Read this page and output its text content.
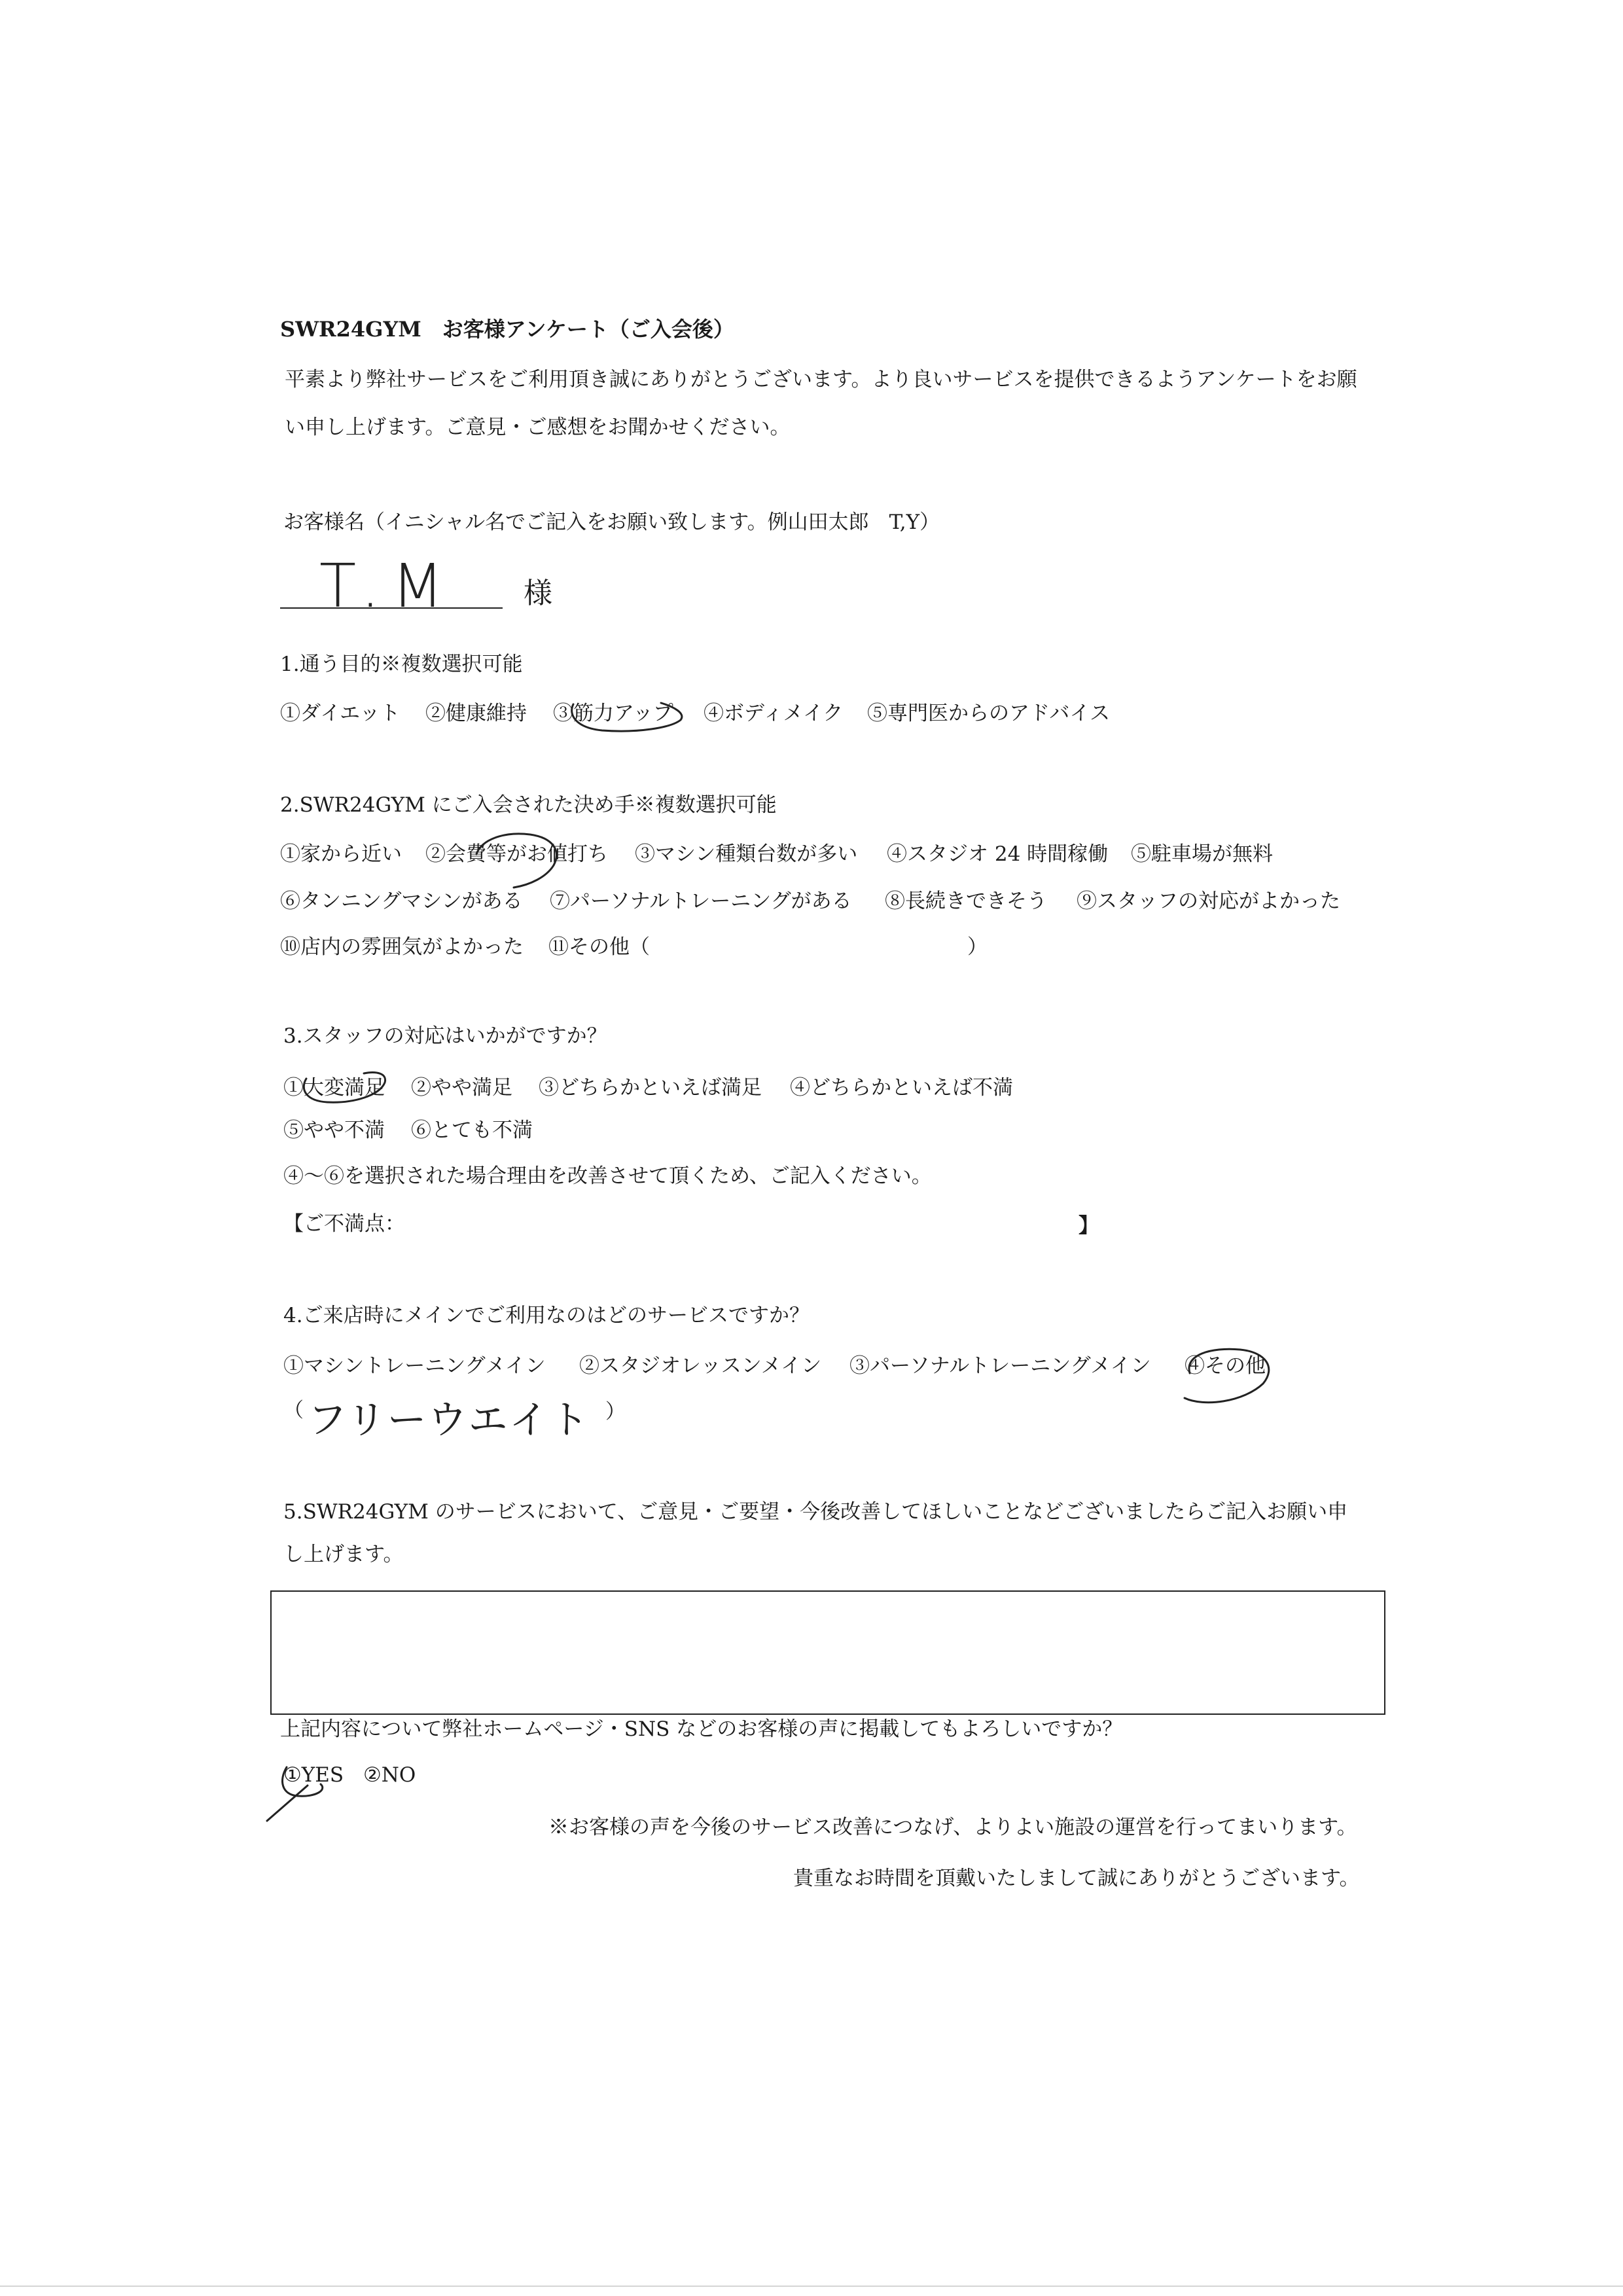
SWR24GYM　お客様アンケート（ご入会後）
平素より弊社サービスをご利用頂き誠にありがとうございます。より良いサービスを提供できるようアンケートをお願
い申し上げます。ご意見・ご感想をお聞かせください。
お客様名（イニシャル名でご記入をお願い致します。例山田太郎　T,Y）
T.M 様
1.通う目的※複数選択可能
①ダイエット ②健康維持 ③筋力アップ ④ボディメイク ⑤専門医からのアドバイス
2.SWR24GYM にご入会された決め手※複数選択可能
①家から近い ②会費等がお値打ち ③マシン種類台数が多い ④スタジオ 24 時間稼働 ⑤駐車場が無料
⑥タンニングマシンがある ⑦パーソナルトレーニングがある ⑧長続きできそう ⑨スタッフの対応がよかった
⑩店内の雰囲気がよかった ⑪その他（	）
3.スタッフの対応はいかがですか？
①大変満足 ②やや満足 ③どちらかといえば満足 ④どちらかといえば不満
⑤やや不満 ⑥とても不満
④～⑥を選択された場合理由を改善させて頂くため、ご記入ください。
【ご不満点：	】
4.ご来店時にメインでご利用なのはどのサービスですか？
①マシントレーニングメイン ②スタジオレッスンメイン ③パーソナルトレーニングメイン ④その他
（ フリーウエイト ）
5.SWR24GYM のサービスにおいて、ご意見・ご要望・今後改善してほしいことなどございましたらご記入お願い申
し上げます。
上記内容について弊社ホームページ・SNS などのお客様の声に掲載してもよろしいですか？
①YES ②NO
※お客様の声を今後のサービス改善につなげ、よりよい施設の運営を行ってまいります。
貴重なお時間を頂戴いたしまして誠にありがとうございます。
